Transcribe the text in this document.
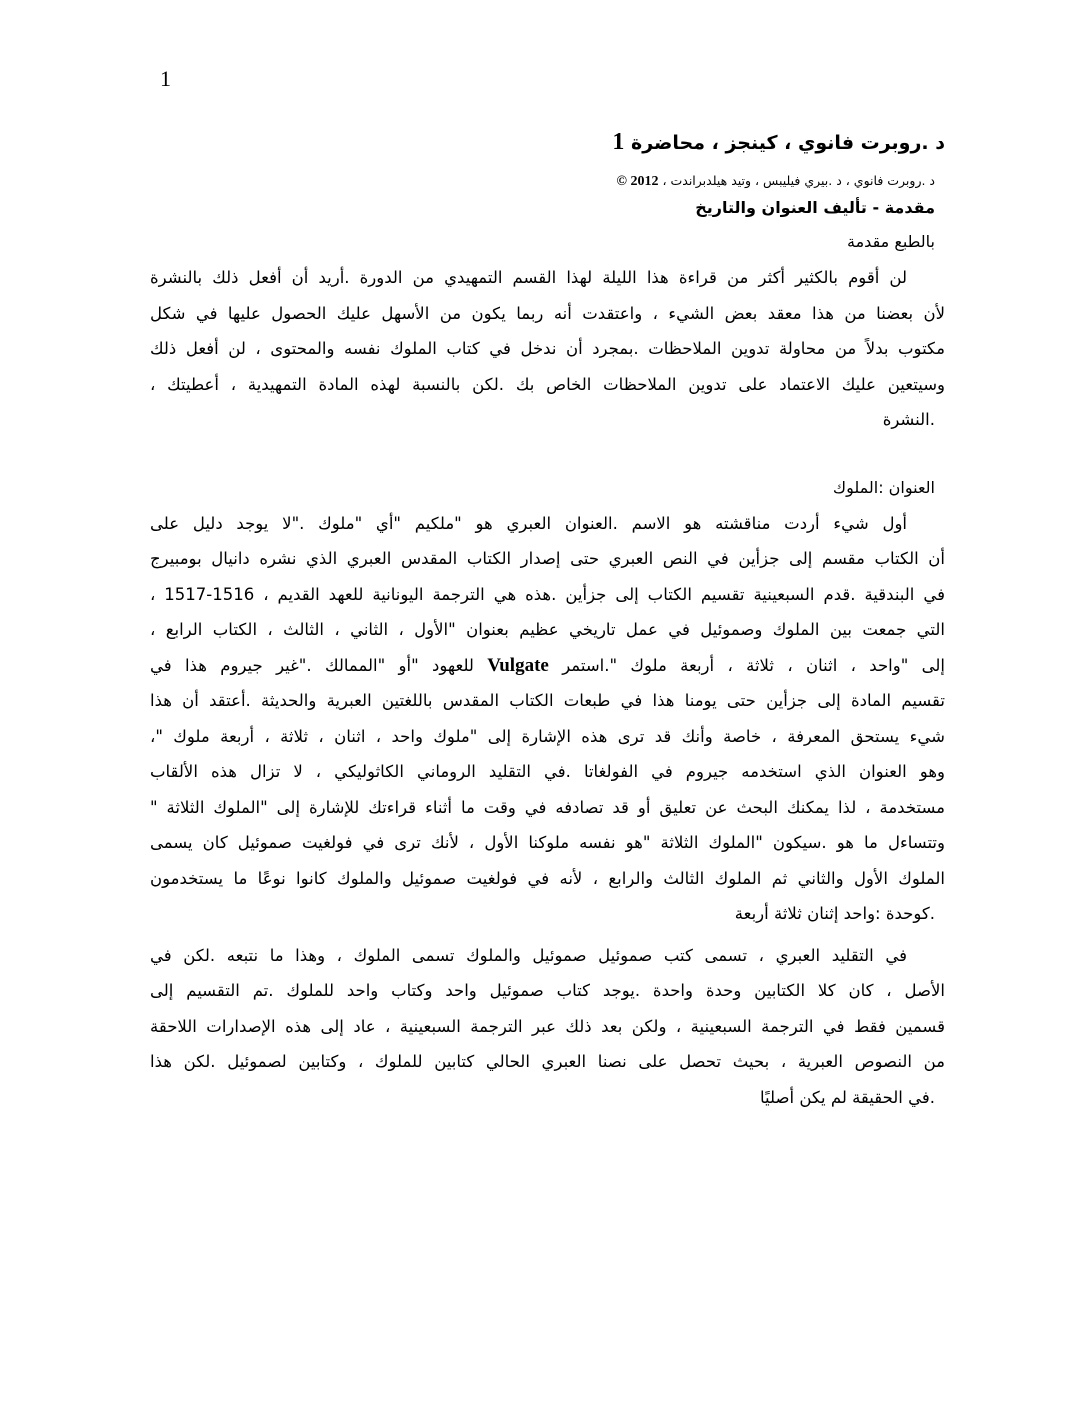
1
د .روبرت فانوي ، كينجز ، محاضرة 1
د .روبرت فانوي ، د .بيري فيليبس ، وتيد هيلدبراندت ، 2012 ©
مقدمة - تأليف العنوان والتاريخ
بالطبع مقدمة

لن أقوم بالكثير أكثر من قراءة هذا الليلة لهذا القسم التمهيدي من الدورة .أريد أن أفعل ذلك بالنشرة
لأن بعضنا من هذا معقد بعض الشيء ، واعتقدت أنه ربما يكون من الأسهل عليك الحصول عليها في شكل
مكتوب بدلاً من محاولة تدوين الملاحظات .بمجرد أن ندخل في كتاب الملوك نفسه والمحتوى ، لن أفعل ذلك
وسيتعين عليك الاعتماد على تدوين الملاحظات الخاص بك .لكن بالنسبة لهذه المادة التمهيدية ، أعطيتك ،
.النشرة

العنوان :الملوك

أول شيء أردت مناقشته هو الاسم .العنوان العبري هو "ملكيم "أي "ملوك ."لا يوجد دليل على
أن الكتاب مقسم إلى جزأين في النص العبري حتى إصدار الكتاب المقدس العبري الذي نشره دانيال بومبيرج
في البندقية .قدم السبعينية تقسيم الكتاب إلى جزأين .هذه هي الترجمة اليونانية للعهد القديم ، 1516-1517 ،
التي جمعت بين الملوك وصموئيل في عمل تاريخي عظيم بعنوان "الأول ، الثاني ، الثالث ، الكتاب الرابع ،
إلى "واحد ، اثنان ، ثلاثة ، أربعة ملوك ".استمر Vulgate للعهود "أو "الممالك ."غير جيروم هذا في
تقسيم المادة إلى جزأين حتى يومنا هذا في طبعات الكتاب المقدس باللغتين العبرية والحديثة .أعتقد أن هذا
شيء يستحق المعرفة ، خاصة وأنك قد ترى هذه الإشارة إلى "ملوك واحد ، اثنان ، ثلاثة ، أربعة ملوك "،
وهو العنوان الذي استخدمه جيروم في الفولغاتا .في التقليد الروماني الكاثوليكي ، لا تزال هذه الألقاب
مستخدمة ، لذا يمكنك البحث عن تعليق أو قد تصادفه في وقت ما أثناء قراءتك للإشارة إلى "الملوك الثلاثة "
وتتساءل ما هو .سيكون "الملوك الثلاثة "هو نفسه ملوكنا الأول ، لأنك ترى في فولغيت صموئيل كان يسمى
الملوك الأول والثاني ثم الملوك الثالث والرابع ، لأنه في فولغيت صموئيل والملوك كانوا نوعًا ما يستخدمون
.كوحدة :واحد إثنان ثلاثة أربعة

في التقليد العبري ، تسمى كتب صموئيل صموئيل والملوك تسمى الملوك ، وهذا ما نتبعه .لكن في
الأصل ، كان كلا الكتابين وحدة واحدة .يوجد كتاب صموئيل واحد وكتاب واحد للملوك .تم التقسيم إلى
قسمين فقط في الترجمة السبعينية ، ولكن بعد ذلك عبر الترجمة السبعينية ، عاد إلى هذه الإصدارات اللاحقة
من النصوص العبرية ، بحيث تحصل على نصنا العبري الحالي كتابين للملوك ، وكتابين لصموئيل .لكن هذا
.في الحقيقة لم يكن أصليًا
